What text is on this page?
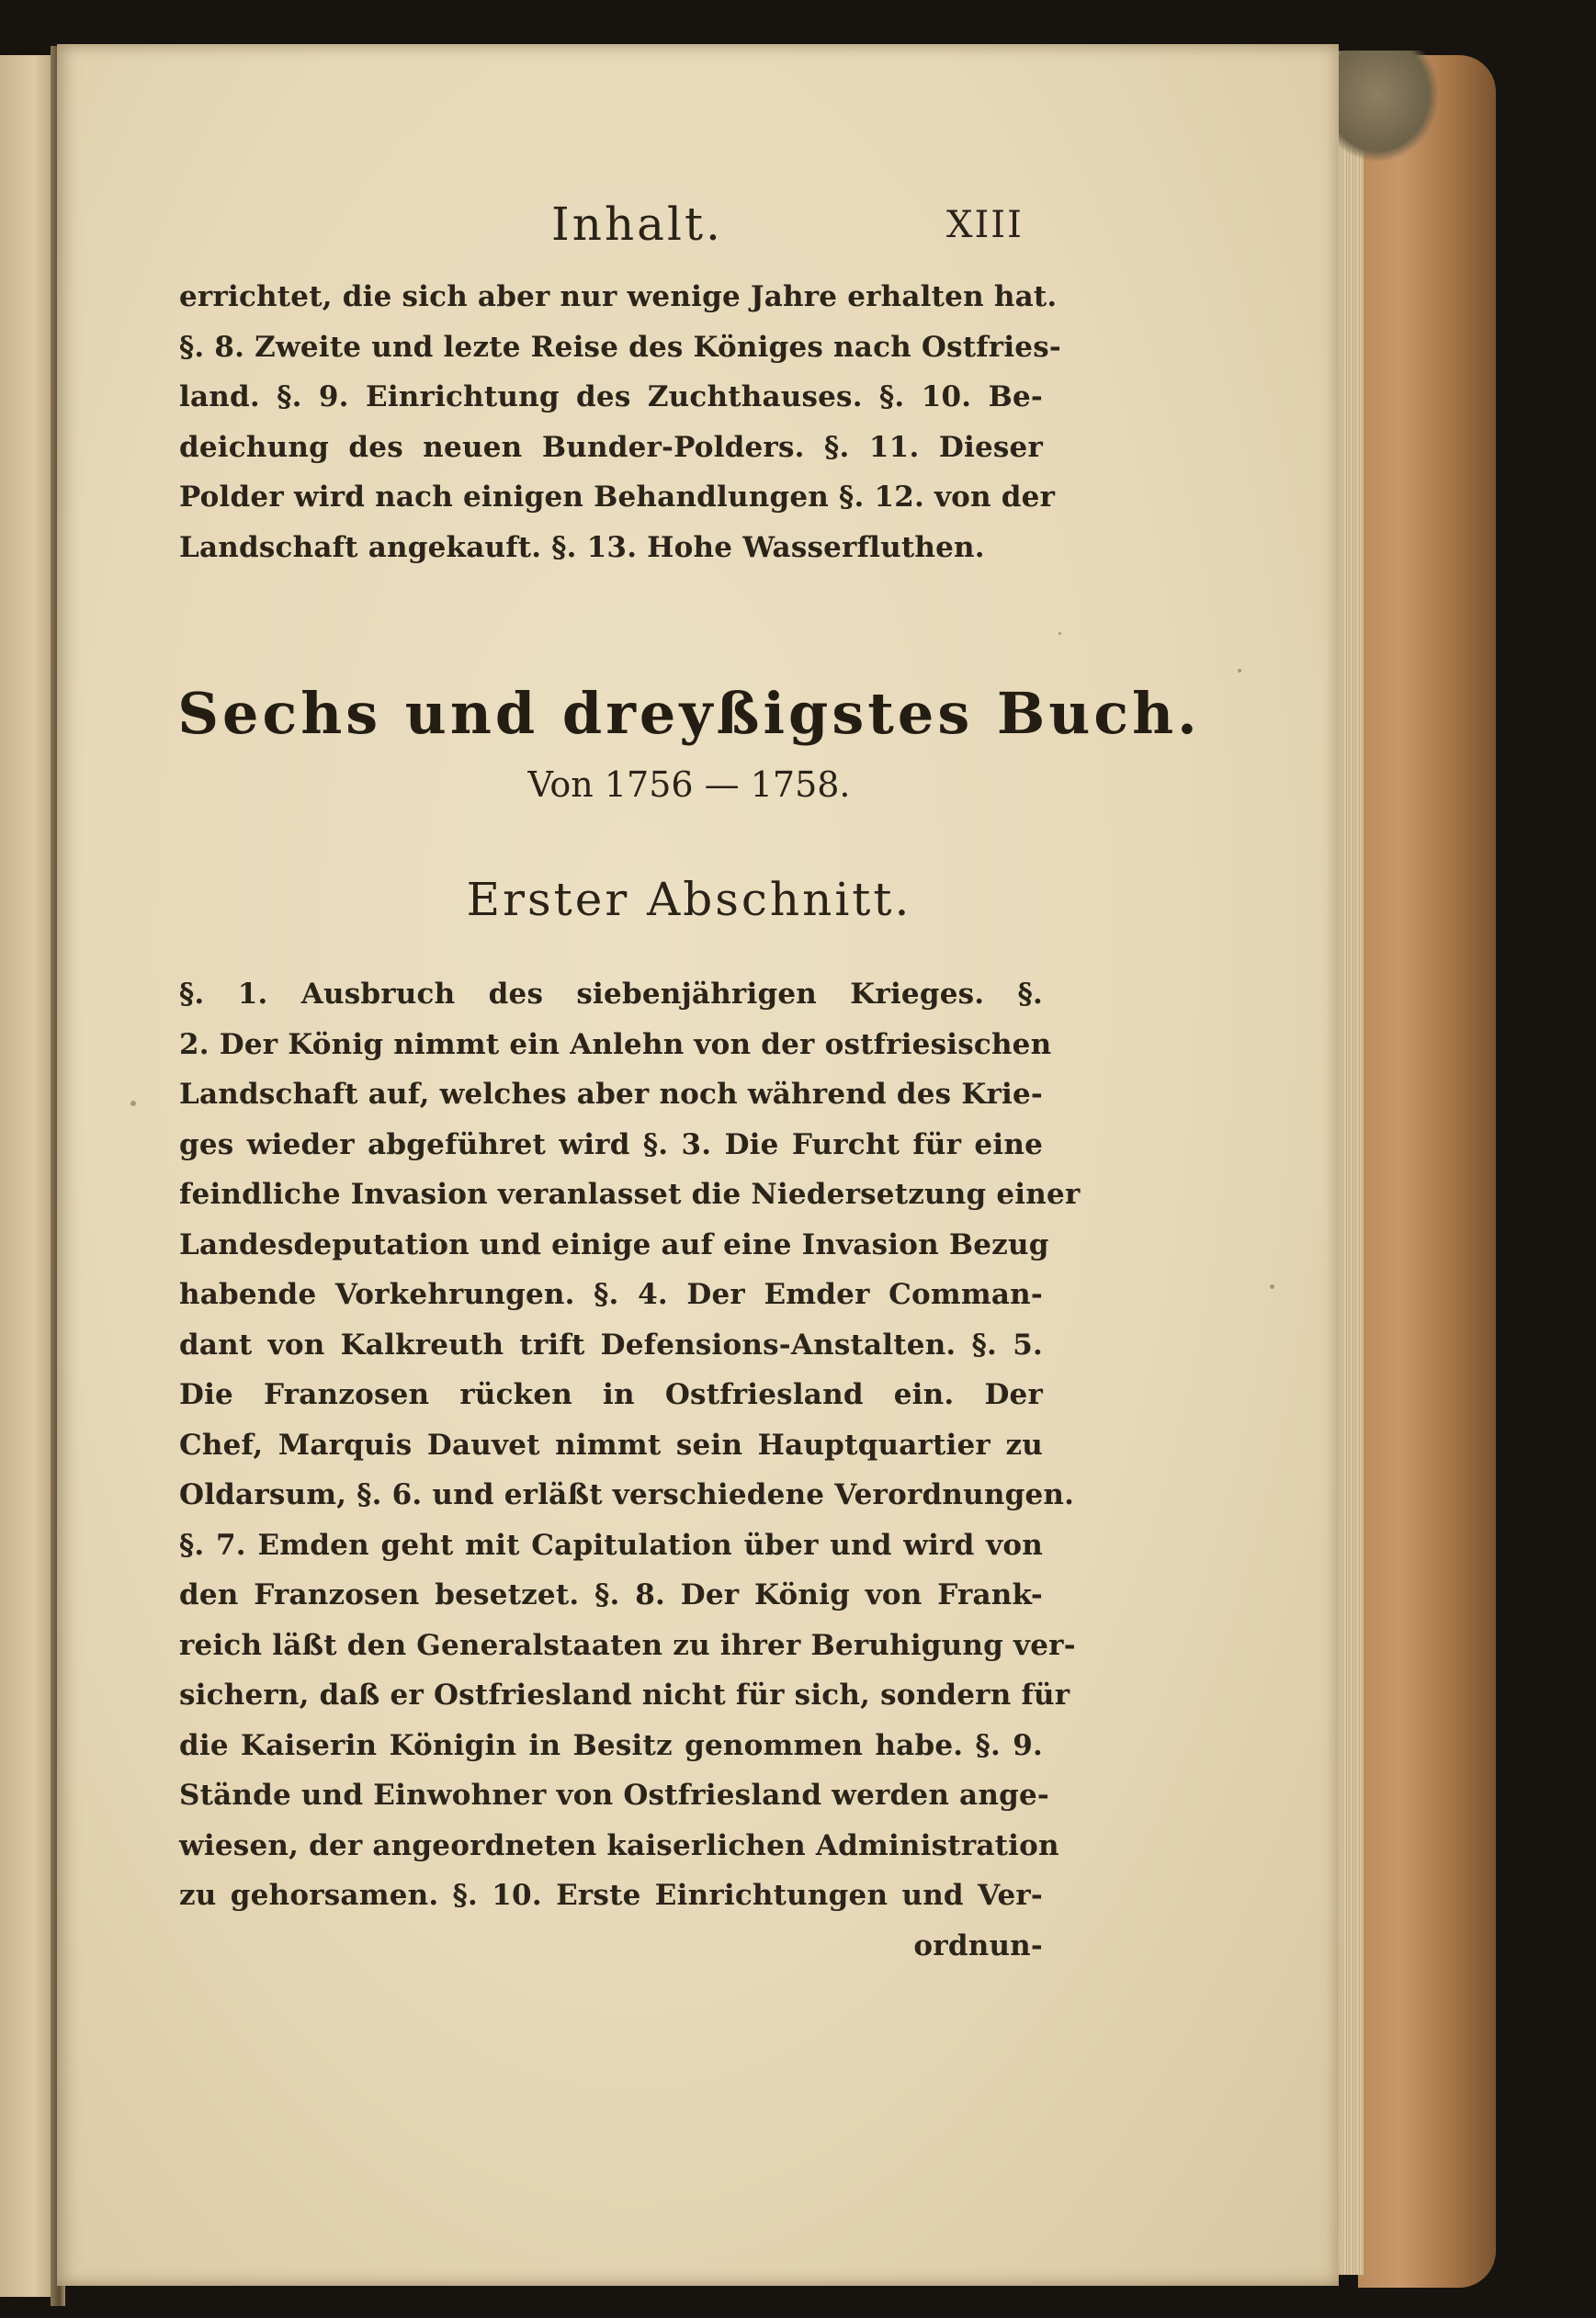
Inhalt.	XIII
errichtet, die sich aber nur wenige Jahre erhalten hat.
§. 8. Zweite und lezte Reise des Königes nach Ostfries-
land. §. 9. Einrichtung des Zuchthauses. §. 10. Be-
deichung des neuen Bunder-Polders. §. 11. Dieser
Polder wird nach einigen Behandlungen §. 12. von der
Landschaft angekauft. §. 13. Hohe Wasserfluthen.
Sechs und dreyßigstes Buch.
Von 1756 — 1758.
Erster Abschnitt.
§. 1. Ausbruch des siebenjährigen Krieges. §.
2. Der König nimmt ein Anlehn von der ostfriesischen
Landschaft auf, welches aber noch während des Krie-
ges wieder abgeführet wird §. 3. Die Furcht für eine
feindliche Invasion veranlasset die Niedersetzung einer
Landesdeputation und einige auf eine Invasion Bezug
habende Vorkehrungen. §. 4. Der Emder Comman-
dant von Kalkreuth trift Defensions-Anstalten. §. 5.
Die Franzosen rücken in Ostfriesland ein. Der
Chef, Marquis Dauvet nimmt sein Hauptquartier zu
Oldarsum, §. 6. und erläßt verschiedene Verordnungen.
§. 7. Emden geht mit Capitulation über und wird von
den Franzosen besetzet. §. 8. Der König von Frank-
reich läßt den Generalstaaten zu ihrer Beruhigung ver-
sichern, daß er Ostfriesland nicht für sich, sondern für
die Kaiserin Königin in Besitz genommen habe. §. 9.
Stände und Einwohner von Ostfriesland werden ange-
wiesen, der angeordneten kaiserlichen Administration
zu gehorsamen. §. 10. Erste Einrichtungen und Ver-
ordnun-
